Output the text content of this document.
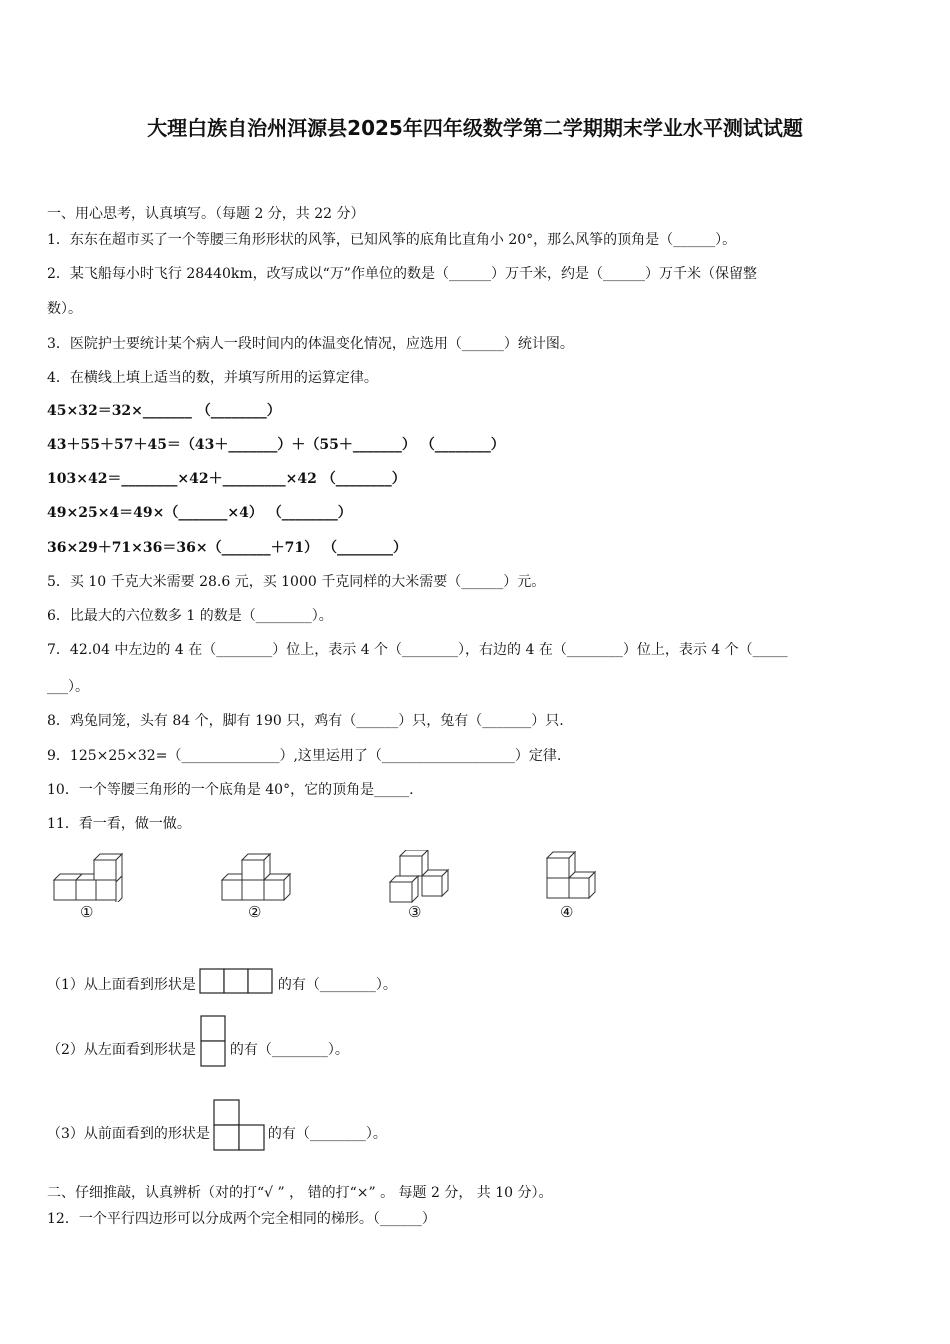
大理白族自治州洱源县2025年四年级数学第二学期期末学业水平测试试题
一、用心思考，认真填写。（每题 2 分，共 22 分）
1．东东在超市买了一个等腰三角形形状的风筝，已知风筝的底角比直角小 20°，那么风筝的顶角是（______）。
2．某飞船每小时飞行 28440km，改写成以“万”作单位的数是（______）万千米，约是（______）万千米（保留整
数）。
3．医院护士要统计某个病人一段时间内的体温变化情况，应选用（______）统计图。
4．在横线上填上适当的数，并填写所用的运算定律。
45×32＝32×_______ （________）
43＋55＋57＋45＝（43＋_______）＋（55＋_______） （________）
103×42＝________×42＋_________×42 （________）
49×25×4＝49×（_______×4） （________）
36×29＋71×36＝36×（_______＋71） （________）
5．买 10 千克大米需要 28.6 元，买 1000 千克同样的大米需要（______）元。
6．比最大的六位数多 1 的数是（________）。
7．42.04 中左边的 4 在（________）位上，表示 4 个（________），右边的 4 在（________）位上，表示 4 个（_____
___）。
8．鸡兔同笼，头有 84 个，脚有 190 只，鸡有（______）只，兔有（_______）只.
9．125×25×32=（______________）,这里运用了（___________________）定律.
10．一个等腰三角形的一个底角是 40°，它的顶角是_____.
11．看一看，做一做。
①	②	③	④
（1）从上面看到形状是	的有（________）。
（2）从左面看到形状是 的有（________）。
（3）从前面看到的形状是	的有（________）。
二、仔细推敲，认真辨析（对的打“√ ” ， 错的打“×” 。 每题 2 分， 共 10 分）。
12．一个平行四边形可以分成两个完全相同的梯形。（______）
